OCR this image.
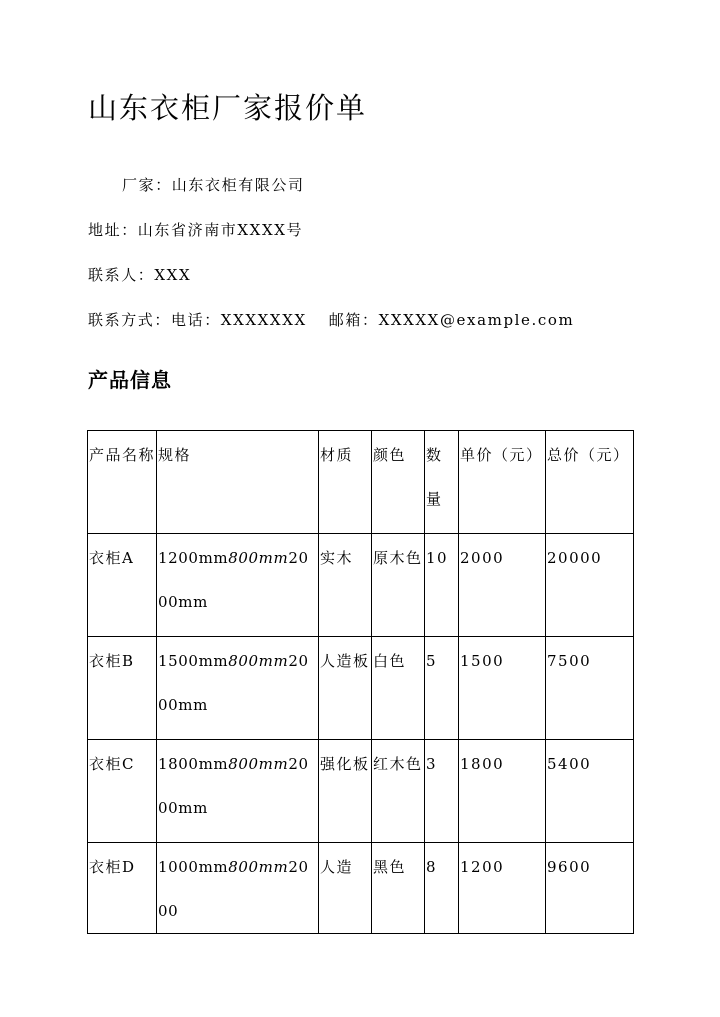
山东衣柜厂家报价单

厂家：山东衣柜有限公司

地址：山东省济南市XXXX号

联系人：XXX

联系方式：电话：XXXXXXX 邮箱：XXXXX@example.com

产品信息
产品名称	规格	材质	颜色	数量	单价（元）	总价（元）
衣柜A	1200mm800mm2000mm	实木	原木色	10	2000	20000
衣柜B	1500mm800mm2000mm	人造板	白色	5	1500	7500
衣柜C	1800mm800mm2000mm	强化板	红木色	3	1800	5400
衣柜D	1000mm800mm2000	人造	黑色	8	1200	9600
